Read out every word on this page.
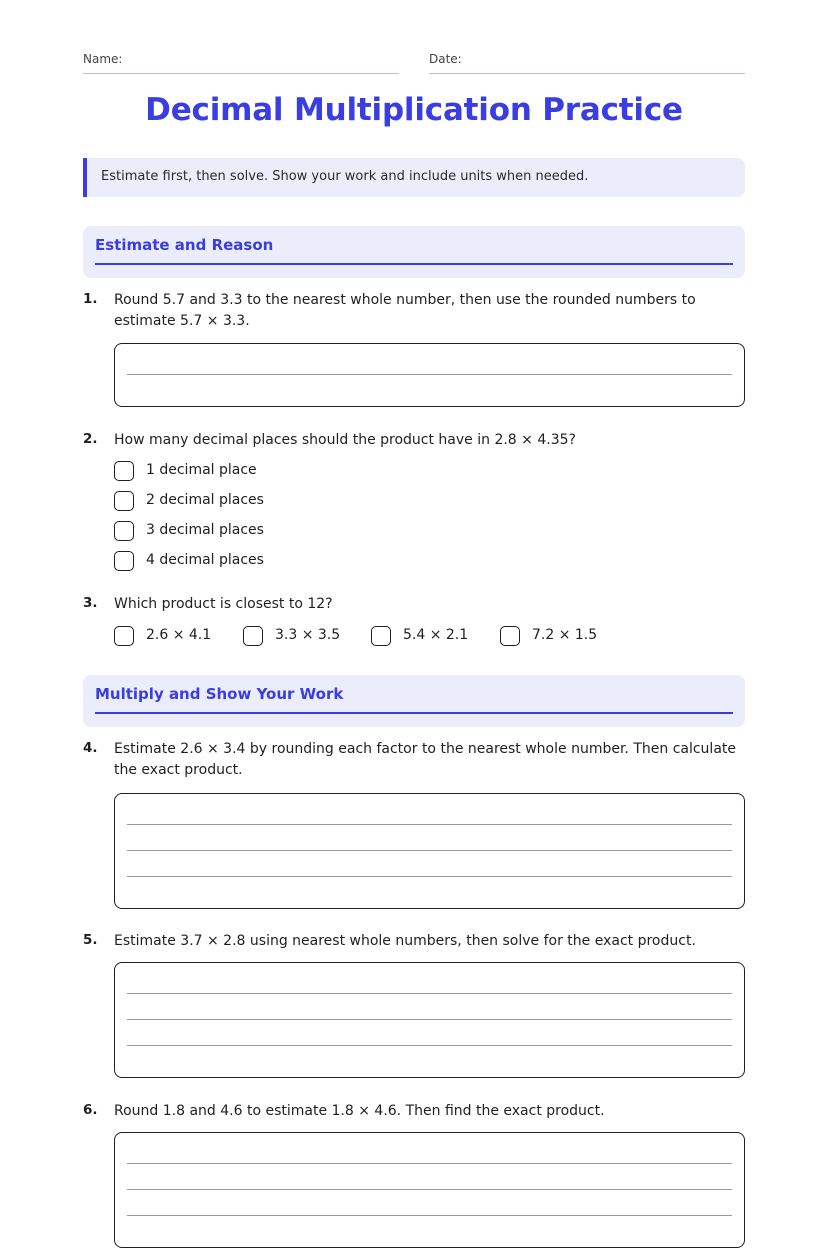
Name:	Date:
Decimal Multiplication Practice
Estimate first, then solve. Show your work and include units when needed.
Estimate and Reason
1. Round 5.7 and 3.3 to the nearest whole number, then use the rounded numbers to estimate 5.7 × 3.3.
2. How many decimal places should the product have in 2.8 × 4.35?
1 decimal place
2 decimal places
3 decimal places
4 decimal places
3. Which product is closest to 12?
2.6 × 4.1	3.3 × 3.5	5.4 × 2.1	7.2 × 1.5
Multiply and Show Your Work
4. Estimate 2.6 × 3.4 by rounding each factor to the nearest whole number. Then calculate the exact product.
5. Estimate 3.7 × 2.8 using nearest whole numbers, then solve for the exact product.
6. Round 1.8 and 4.6 to estimate 1.8 × 4.6. Then find the exact product.
